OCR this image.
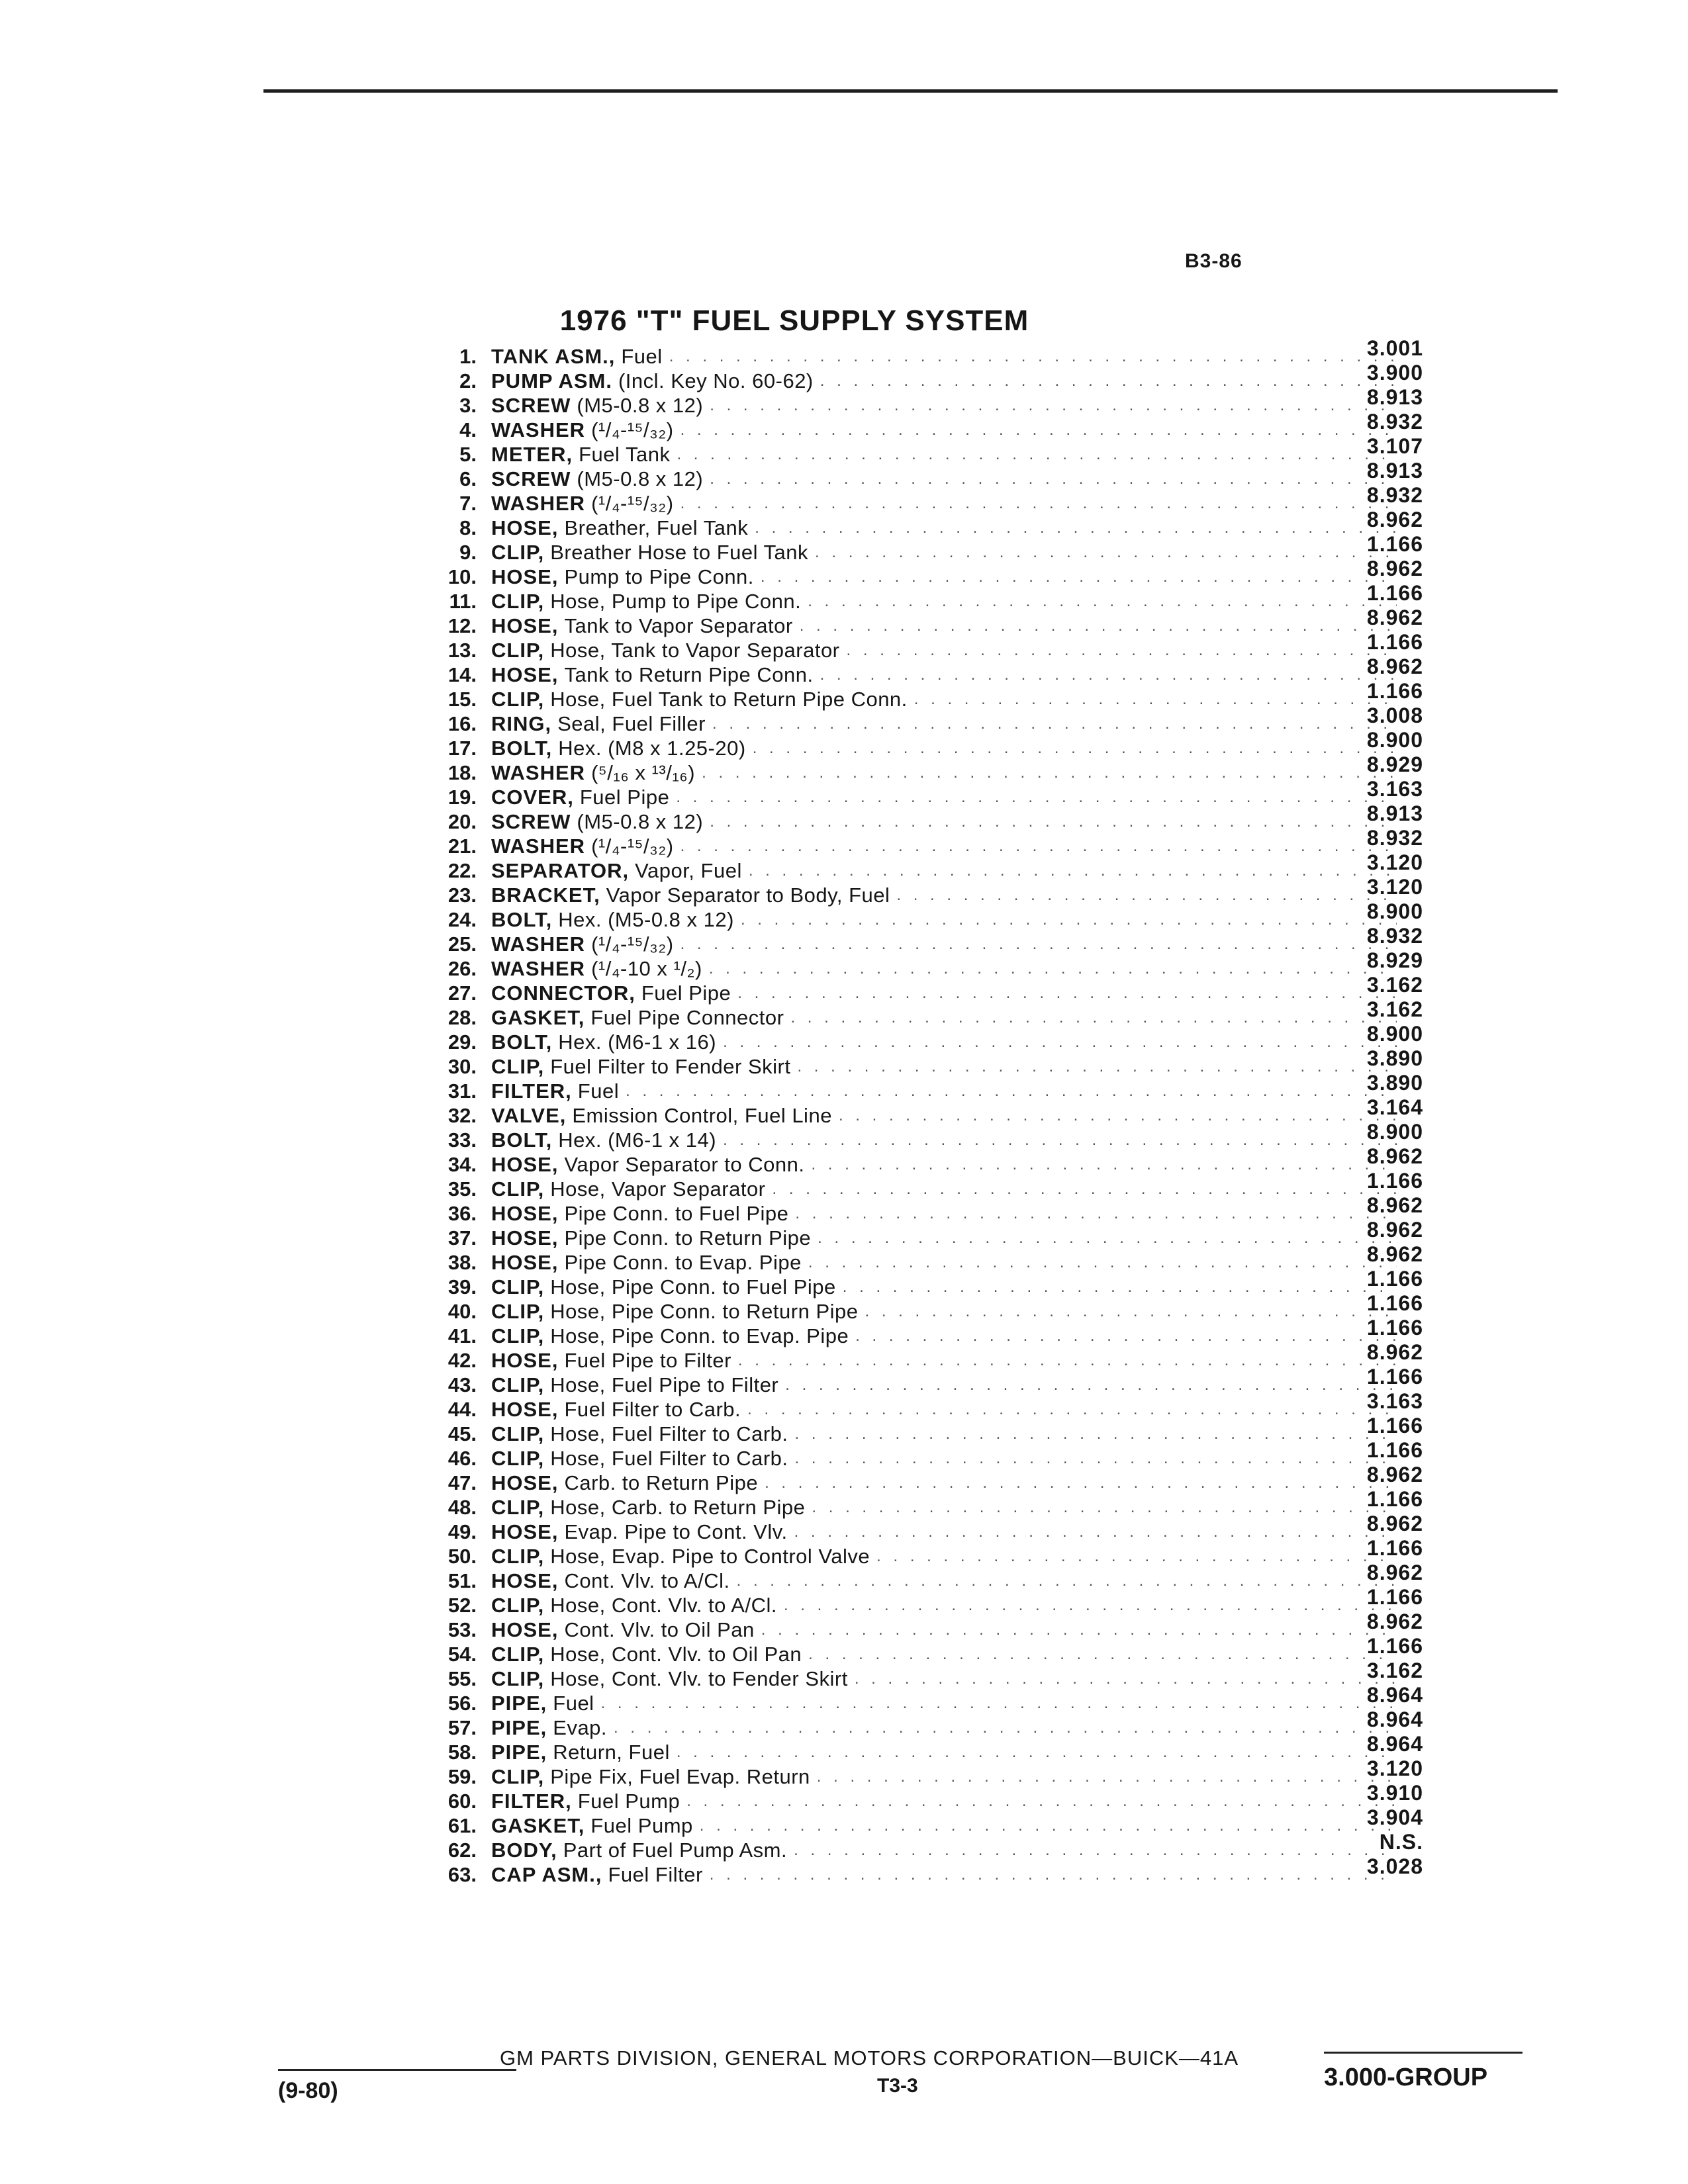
B3-86
1976 "T" FUEL SUPPLY SYSTEM
1. TANK ASM., Fuel . . .	3.001
2. PUMP ASM. (Incl. Key No. 60-62) . . .	3.900
3. SCREW (M5-0.8 x 12) . . .	8.913
4. WASHER (¹/₄-¹⁵/₃₂) . . .	8.932
5. METER, Fuel Tank . . .	3.107
6. SCREW (M5-0.8 x 12) . . .	8.913
7. WASHER (¹/₄-¹⁵/₃₂) . . .	8.932
8. HOSE, Breather, Fuel Tank . . .	8.962
9. CLIP, Breather Hose to Fuel Tank . . .	1.166
10. HOSE, Pump to Pipe Conn. . . .	8.962
11. CLIP, Hose, Pump to Pipe Conn. . . .	1.166
12. HOSE, Tank to Vapor Separator . . .	8.962
13. CLIP, Hose, Tank to Vapor Separator . . .	1.166
14. HOSE, Tank to Return Pipe Conn. . . .	8.962
15. CLIP, Hose, Fuel Tank to Return Pipe Conn. . . .	1.166
16. RING, Seal, Fuel Filler . . .	3.008
17. BOLT, Hex. (M8 x 1.25-20) . . .	8.900
18. WASHER (⁵/₁₆ x ¹³/₁₆) . . .	8.929
19. COVER, Fuel Pipe . . .	3.163
20. SCREW (M5-0.8 x 12) . . .	8.913
21. WASHER (¹/₄-¹⁵/₃₂) . . .	8.932
22. SEPARATOR, Vapor, Fuel . . .	3.120
23. BRACKET, Vapor Separator to Body, Fuel . . .	3.120
24. BOLT, Hex. (M5-0.8 x 12) . . .	8.900
25. WASHER (¹/₄-¹⁵/₃₂) . . .	8.932
26. WASHER (¹/₄-10 x ¹/₂) . . .	8.929
27. CONNECTOR, Fuel Pipe . . .	3.162
28. GASKET, Fuel Pipe Connector . . .	3.162
29. BOLT, Hex. (M6-1 x 16) . . .	8.900
30. CLIP, Fuel Filter to Fender Skirt . . .	3.890
31. FILTER, Fuel . . .	3.890
32. VALVE, Emission Control, Fuel Line . . .	3.164
33. BOLT, Hex. (M6-1 x 14) . . .	8.900
34. HOSE, Vapor Separator to Conn. . . .	8.962
35. CLIP, Hose, Vapor Separator . . .	1.166
36. HOSE, Pipe Conn. to Fuel Pipe . . .	8.962
37. HOSE, Pipe Conn. to Return Pipe . . .	8.962
38. HOSE, Pipe Conn. to Evap. Pipe . . .	8.962
39. CLIP, Hose, Pipe Conn. to Fuel Pipe . . .	1.166
40. CLIP, Hose, Pipe Conn. to Return Pipe . . .	1.166
41. CLIP, Hose, Pipe Conn. to Evap. Pipe . . .	1.166
42. HOSE, Fuel Pipe to Filter . . .	8.962
43. CLIP, Hose, Fuel Pipe to Filter . . .	1.166
44. HOSE, Fuel Filter to Carb. . . .	3.163
45. CLIP, Hose, Fuel Filter to Carb. . . .	1.166
46. CLIP, Hose, Fuel Filter to Carb. . . .	1.166
47. HOSE, Carb. to Return Pipe . . .	8.962
48. CLIP, Hose, Carb. to Return Pipe . . .	1.166
49. HOSE, Evap. Pipe to Cont. Vlv. . . .	8.962
50. CLIP, Hose, Evap. Pipe to Control Valve . . .	1.166
51. HOSE, Cont. Vlv. to A/Cl. . . .	8.962
52. CLIP, Hose, Cont. Vlv. to A/Cl. . . .	1.166
53. HOSE, Cont. Vlv. to Oil Pan . . .	8.962
54. CLIP, Hose, Cont. Vlv. to Oil Pan . . .	1.166
55. CLIP, Hose, Cont. Vlv. to Fender Skirt . . .	3.162
56. PIPE, Fuel . . .	8.964
57. PIPE, Evap. . . .	8.964
58. PIPE, Return, Fuel . . .	8.964
59. CLIP, Pipe Fix, Fuel Evap. Return . . .	3.120
60. FILTER, Fuel Pump . . .	3.910
61. GASKET, Fuel Pump . . .	3.904
62. BODY, Part of Fuel Pump Asm. . . .	N.S.
63. CAP ASM., Fuel Filter . . .	3.028
GM PARTS DIVISION, GENERAL MOTORS CORPORATION—BUICK—41A
(9-80)	T3-3	3.000-GROUP
